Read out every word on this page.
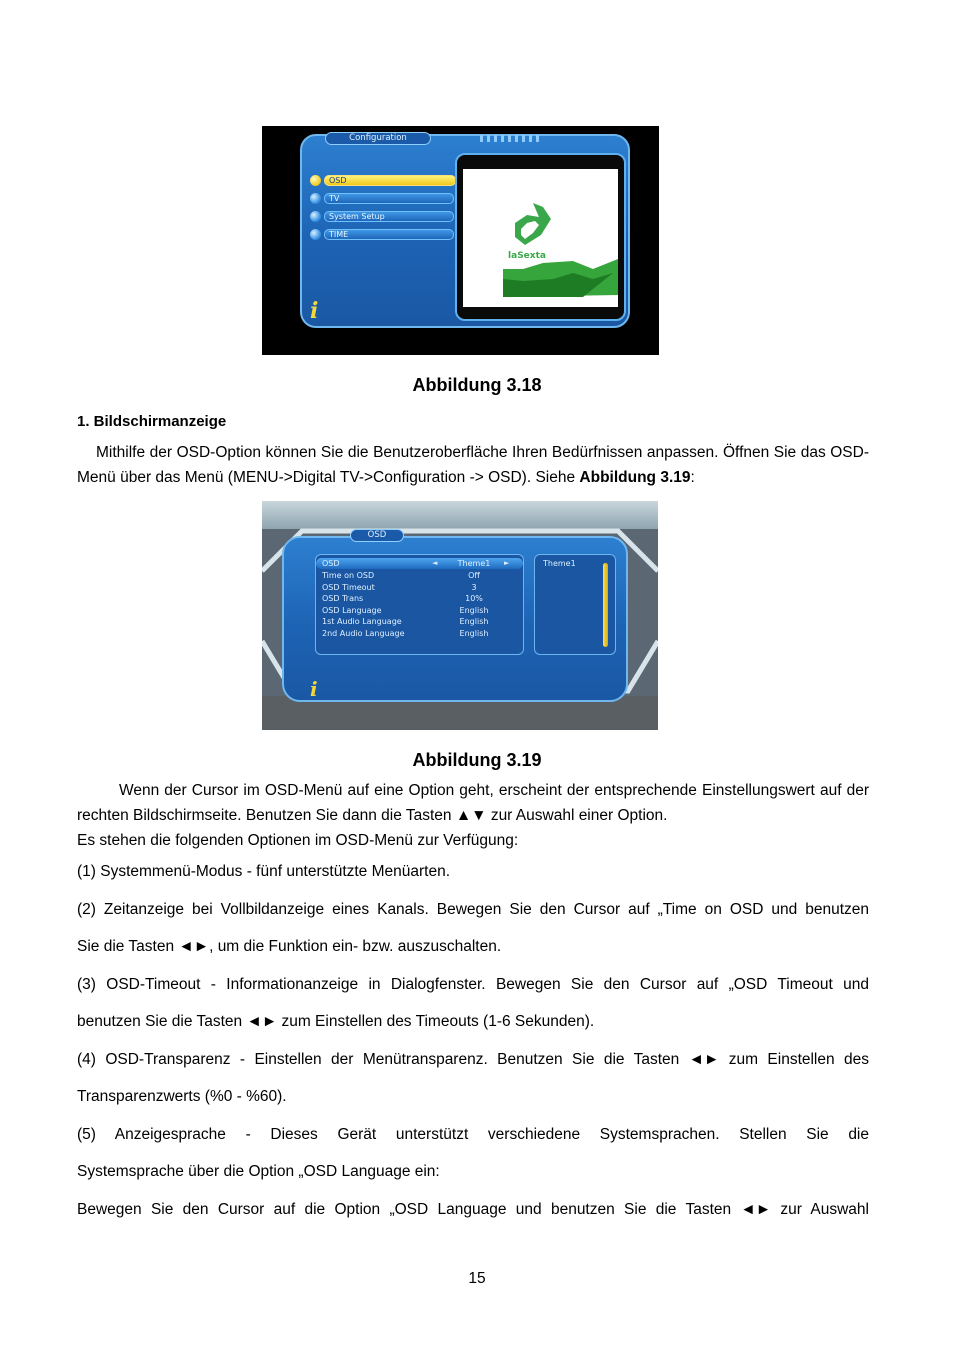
Configuration
OSD
TV
System Setup
TIME
laSexta
i
Abbildung 3.18
1. Bildschirmanzeige
Mithilfe der OSD-Option können Sie die Benutzeroberfläche Ihren Bedürfnissen anpassen. Öffnen Sie das OSD-Menü über das Menü (MENU->Digital TV->Configuration -> OSD). Siehe Abbildung 3.19:
OSD
OSD	◄	Theme1	►
Time on OSD	Off
OSD Timeout	3
OSD Trans	10%
OSD Language	English
1st Audio Language	English
2nd Audio Language	English
Theme1
i
Abbildung 3.19
Wenn der Cursor im OSD-Menü auf eine Option geht, erscheint der entsprechende Einstellungswert auf der rechten Bildschirmseite. Benutzen Sie dann die Tasten ▲▼ zur Auswahl einer Option.
Es stehen die folgenden Optionen im OSD-Menü zur Verfügung:
(1) Systemmenü-Modus - fünf unterstützte Menüarten.
(2) Zeitanzeige bei Vollbildanzeige eines Kanals. Bewegen Sie den Cursor auf „Time on OSD und benutzen
Sie die Tasten ◄►, um die Funktion ein- bzw. auszuschalten.
(3) OSD-Timeout - Informationanzeige in Dialogfenster. Bewegen Sie den Cursor auf „OSD Timeout und
benutzen Sie die Tasten ◄► zum Einstellen des Timeouts (1-6 Sekunden).
(4) OSD-Transparenz - Einstellen der Menütransparenz. Benutzen Sie die Tasten ◄► zum Einstellen des
Transparenzwerts (%0 - %60).
(5) Anzeigesprache - Dieses Gerät unterstützt verschiedene Systemsprachen. Stellen Sie die
Systemsprache über die Option „OSD Language ein:
Bewegen Sie den Cursor auf die Option „OSD Language und benutzen Sie die Tasten ◄► zur Auswahl
15
